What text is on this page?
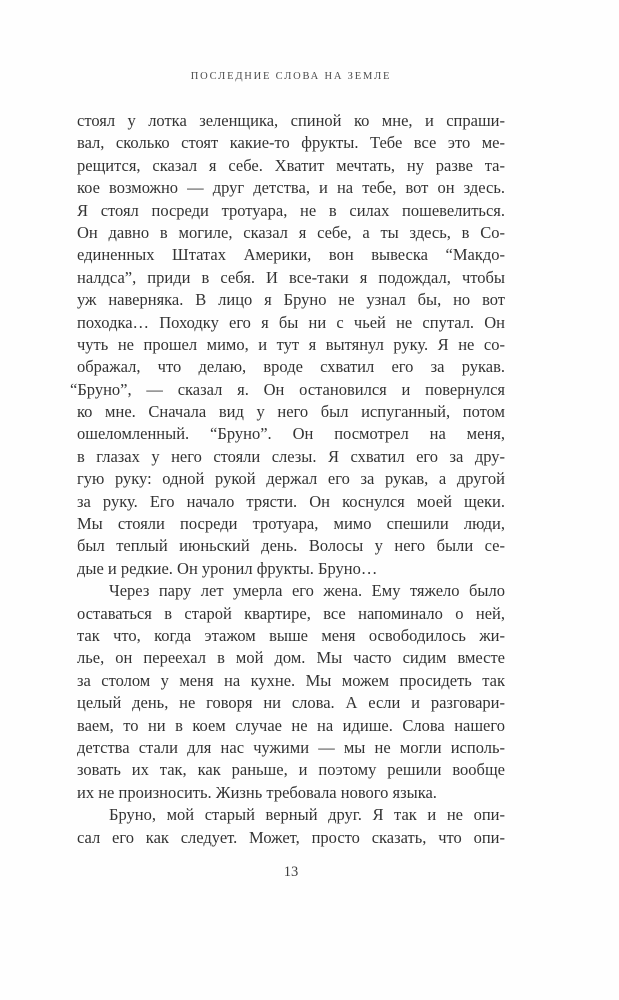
ПОСЛЕДНИЕ СЛОВА НА ЗЕМЛЕ
стоял у лотка зеленщика, спиной ко мне, и спраши-
вал, сколько стоят какие-то фрукты. Тебе все это ме-
рещится, сказал я себе. Хватит мечтать, ну разве та-
кое возможно — друг детства, и на тебе, вот он здесь.
Я стоял посреди тротуара, не в силах пошевелиться.
Он давно в могиле, сказал я себе, а ты здесь, в Со-
единенных Штатах Америки, вон вывеска “Макдо-
налдса”, приди в себя. И все-таки я подождал, чтобы
уж наверняка. В лицо я Бруно не узнал бы, но вот
походка… Походку его я бы ни с чьей не спутал. Он
чуть не прошел мимо, и тут я вытянул руку. Я не со-
ображал, что делаю, вроде схватил его за рукав.
“Бруно”, — сказал я. Он остановился и повернулся
ко мне. Сначала вид у него был испуганный, потом
ошеломленный. “Бруно”. Он посмотрел на меня,
в глазах у него стояли слезы. Я схватил его за дру-
гую руку: одной рукой держал его за рукав, а другой
за руку. Его начало трясти. Он коснулся моей щеки.
Мы стояли посреди тротуара, мимо спешили люди,
был теплый июньский день. Волосы у него были се-
дые и редкие. Он уронил фрукты. Бруно…
Через пару лет умерла его жена. Ему тяжело было
оставаться в старой квартире, все напоминало о ней,
так что, когда этажом выше меня освободилось жи-
лье, он переехал в мой дом. Мы часто сидим вместе
за столом у меня на кухне. Мы можем просидеть так
целый день, не говоря ни слова. А если и разговари-
ваем, то ни в коем случае не на идише. Слова нашего
детства стали для нас чужими — мы не могли исполь-
зовать их так, как раньше, и поэтому решили вообще
их не произносить. Жизнь требовала нового языка.
Бруно, мой старый верный друг. Я так и не опи-
сал его как следует. Может, просто сказать, что опи-
13
